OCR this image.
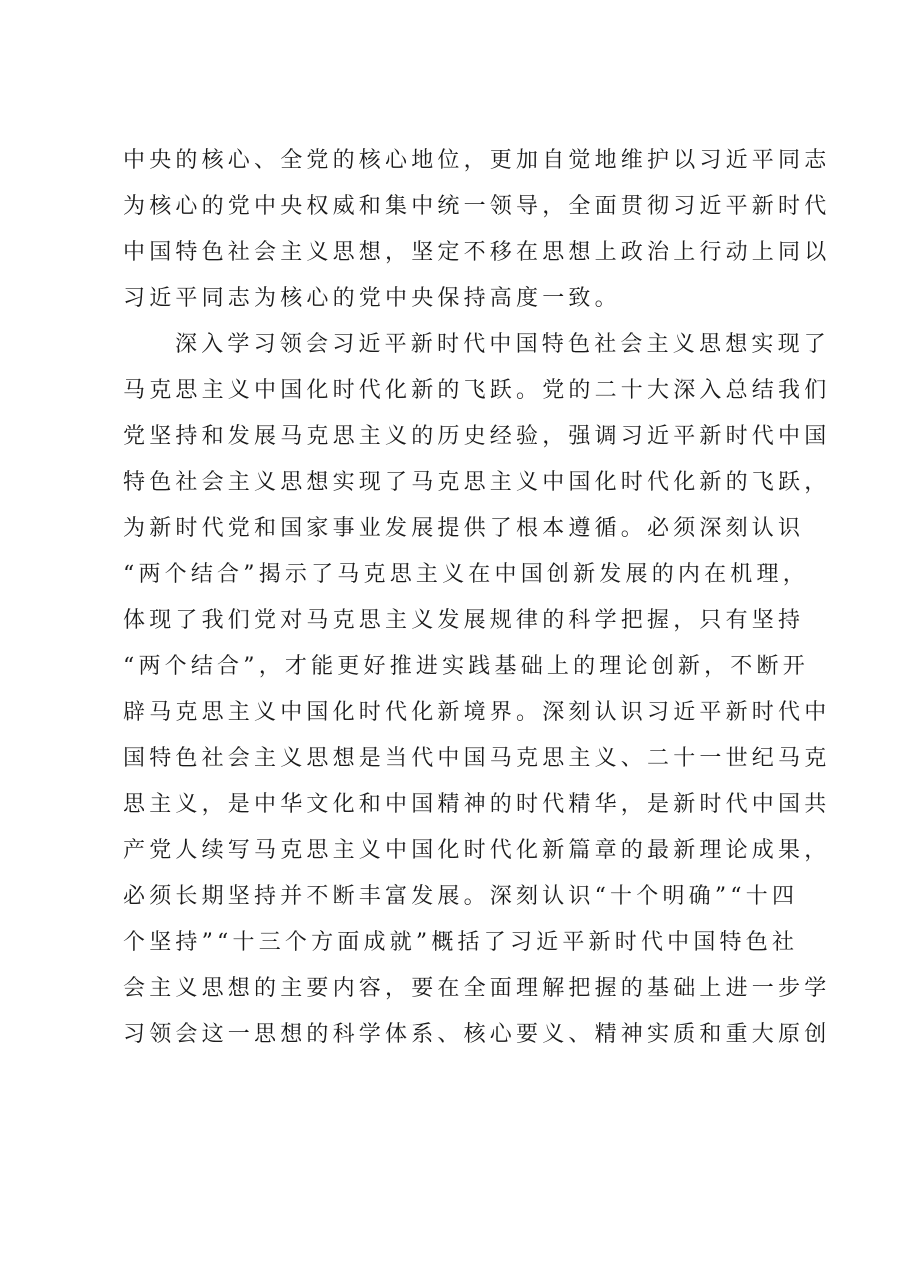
中央的核心、全党的核心地位，更加自觉地维护以习近平同志
为核心的党中央权威和集中统一领导，全面贯彻习近平新时代
中国特色社会主义思想，坚定不移在思想上政治上行动上同以
习近平同志为核心的党中央保持高度一致。
深入学习领会习近平新时代中国特色社会主义思想实现了
马克思主义中国化时代化新的飞跃。党的二十大深入总结我们
党坚持和发展马克思主义的历史经验，强调习近平新时代中国
特色社会主义思想实现了马克思主义中国化时代化新的飞跃，
为新时代党和国家事业发展提供了根本遵循。必须深刻认识
“两个结合”揭示了马克思主义在中国创新发展的内在机理，
体现了我们党对马克思主义发展规律的科学把握，只有坚持
“两个结合”，才能更好推进实践基础上的理论创新，不断开
辟马克思主义中国化时代化新境界。深刻认识习近平新时代中
国特色社会主义思想是当代中国马克思主义、二十一世纪马克
思主义，是中华文化和中国精神的时代精华，是新时代中国共
产党人续写马克思主义中国化时代化新篇章的最新理论成果，
必须长期坚持并不断丰富发展。深刻认识“十个明确”“十四
个坚持”“十三个方面成就”概括了习近平新时代中国特色社
会主义思想的主要内容，要在全面理解把握的基础上进一步学
习领会这一思想的科学体系、核心要义、精神实质和重大原创
